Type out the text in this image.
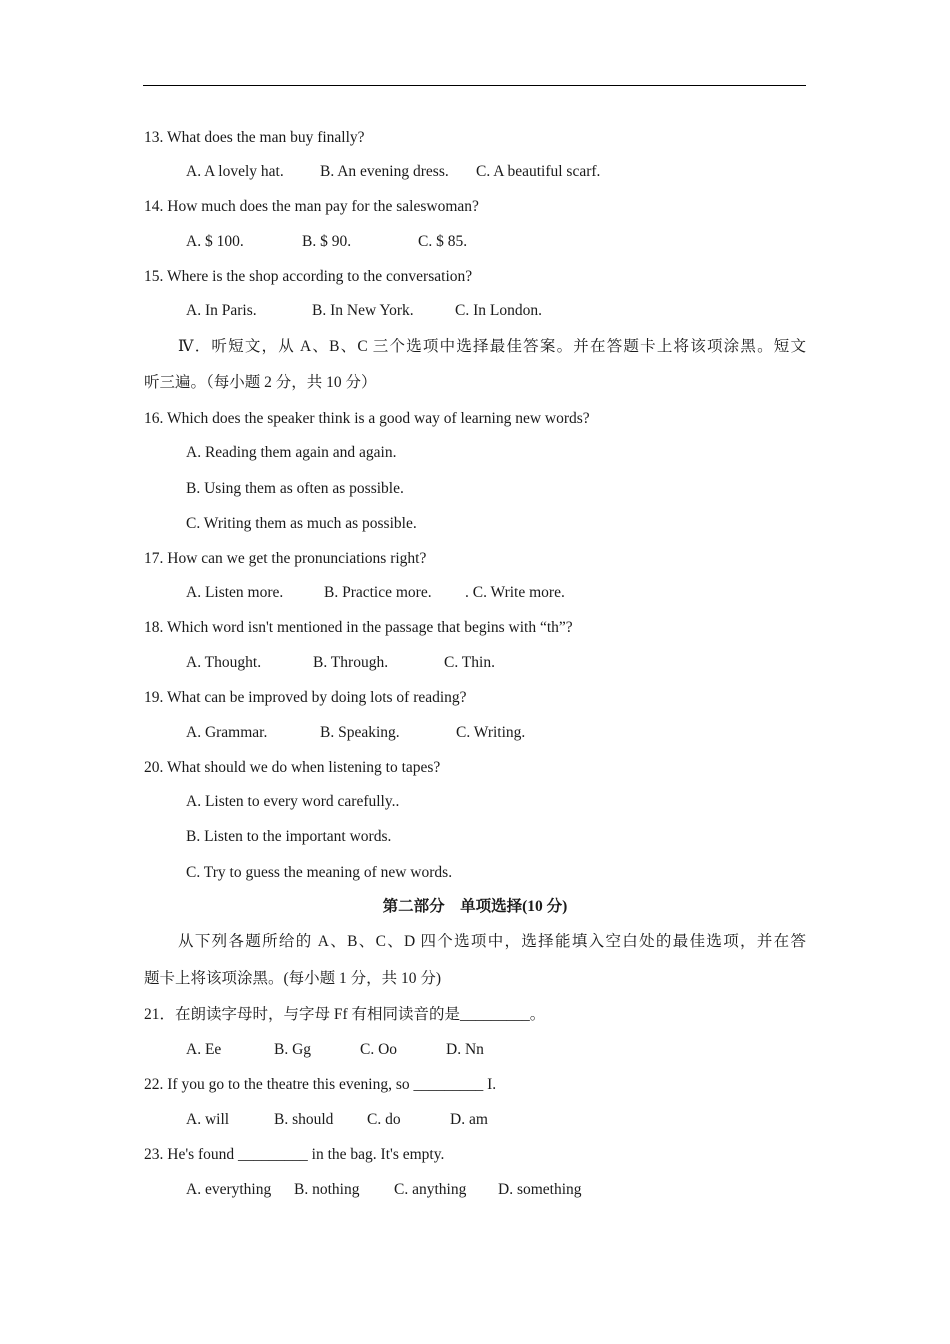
13. What does the man buy finally?
A. A lovely hat. B. An evening dress. C. A beautiful scarf.
14. How much does the man pay for the saleswoman?
A. $ 100.	B. $ 90.	C. $ 85.
15. Where is the shop according to the conversation?
A. In Paris.	B. In New York.	C. In London.
Ⅳ．听短文，从 A、B、C 三个选项中选择最佳答案。并在答题卡上将该项涂黑。短文
听三遍。（每小题 2 分，共 10 分）
16. Which does the speaker think is a good way of learning new words?
A. Reading them again and again.
B. Using them as often as possible.
C. Writing them as much as possible.
17. How can we get the pronunciations right?
A. Listen more.	B. Practice more. . C. Write more.
18. Which word isn't mentioned in the passage that begins with “th”?
A. Thought.	B. Through.	C. Thin.
19. What can be improved by doing lots of reading?
A. Grammar.	B. Speaking.	C. Writing.
20. What should we do when listening to tapes?
A. Listen to every word carefully..
B. Listen to the important words.
C. Try to guess the meaning of new words.
第二部分　单项选择(10 分)
从下列各题所给的 A、B、C、D 四个选项中，选择能填入空白处的最佳选项，并在答
题卡上将该项涂黑。(每小题 1 分，共 10 分)
21．在朗读字母时，与字母 Ff 有相同读音的是_________。
A. Ee	B. Gg	C. Oo	D. Nn
22. If you go to the theatre this evening, so _________ I.
A. will	B. should C. do	D. am
23. He's found _________ in the bag. It's empty.
A. everything B. nothing C. anything D. something
